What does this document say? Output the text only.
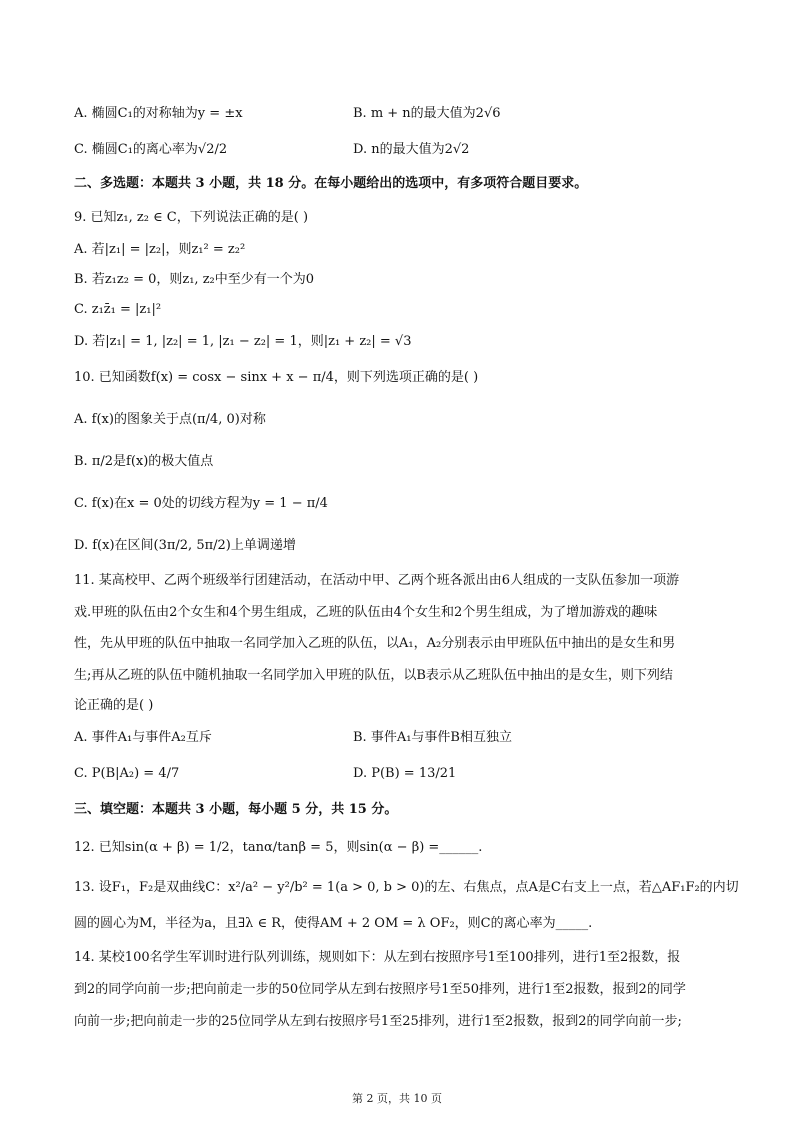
A. 椭圆C₁的对称轴为y = ±x	B. m + n的最大值为2√6
C. 椭圆C₁的离心率为√2/2	D. n的最大值为2√2
二、多选题：本题共 3 小题，共 18 分。在每小题给出的选项中，有多项符合题目要求。
9. 已知z₁, z₂ ∈ C，下列说法正确的是( )
A. 若|z₁| = |z₂|，则z₁² = z₂²
B. 若z₁z₂ = 0，则z₁, z₂中至少有一个为0
C. z₁z̄₁ = |z₁|²
D. 若|z₁| = 1, |z₂| = 1, |z₁ − z₂| = 1，则|z₁ + z₂| = √3
10. 已知函数f(x) = cosx − sinx + x − π/4，则下列选项正确的是( )
A. f(x)的图象关于点(π/4, 0)对称
B. π/2是f(x)的极大值点
C. f(x)在x = 0处的切线方程为y = 1 − π/4
D. f(x)在区间(3π/2, 5π/2)上单调递增
11. 某高校甲、乙两个班级举行团建活动，在活动中甲、乙两个班各派出由6人组成的一支队伍参加一项游
戏.甲班的队伍由2个女生和4个男生组成，乙班的队伍由4个女生和2个男生组成，为了增加游戏的趣味
性，先从甲班的队伍中抽取一名同学加入乙班的队伍，以A₁，A₂分别表示由甲班队伍中抽出的是女生和男
生;再从乙班的队伍中随机抽取一名同学加入甲班的队伍，以B表示从乙班队伍中抽出的是女生，则下列结
论正确的是( )
A. 事件A₁与事件A₂互斥	B. 事件A₁与事件B相互独立
C. P(B|A₂) = 4/7	D. P(B) = 13/21
三、填空题：本题共 3 小题，每小题 5 分，共 15 分。
12. 已知sin(α + β) = 1/2，tanα/tanβ = 5，则sin(α − β) =______.
13. 设F₁，F₂是双曲线C：x²/a² − y²/b² = 1(a > 0, b > 0)的左、右焦点，点A是C右支上一点，若△AF₁F₂的内切
圆的圆心为M，半径为a，且∃λ ∈ R，使得AM + 2 OM = λ OF₂，则C的离心率为_____.
14. 某校100名学生军训时进行队列训练，规则如下：从左到右按照序号1至100排列，进行1至2报数，报
到2的同学向前一步;把向前走一步的50位同学从左到右按照序号1至50排列，进行1至2报数，报到2的同学
向前一步;把向前走一步的25位同学从左到右按照序号1至25排列，进行1至2报数，报到2的同学向前一步;
第 2 页，共 10 页
